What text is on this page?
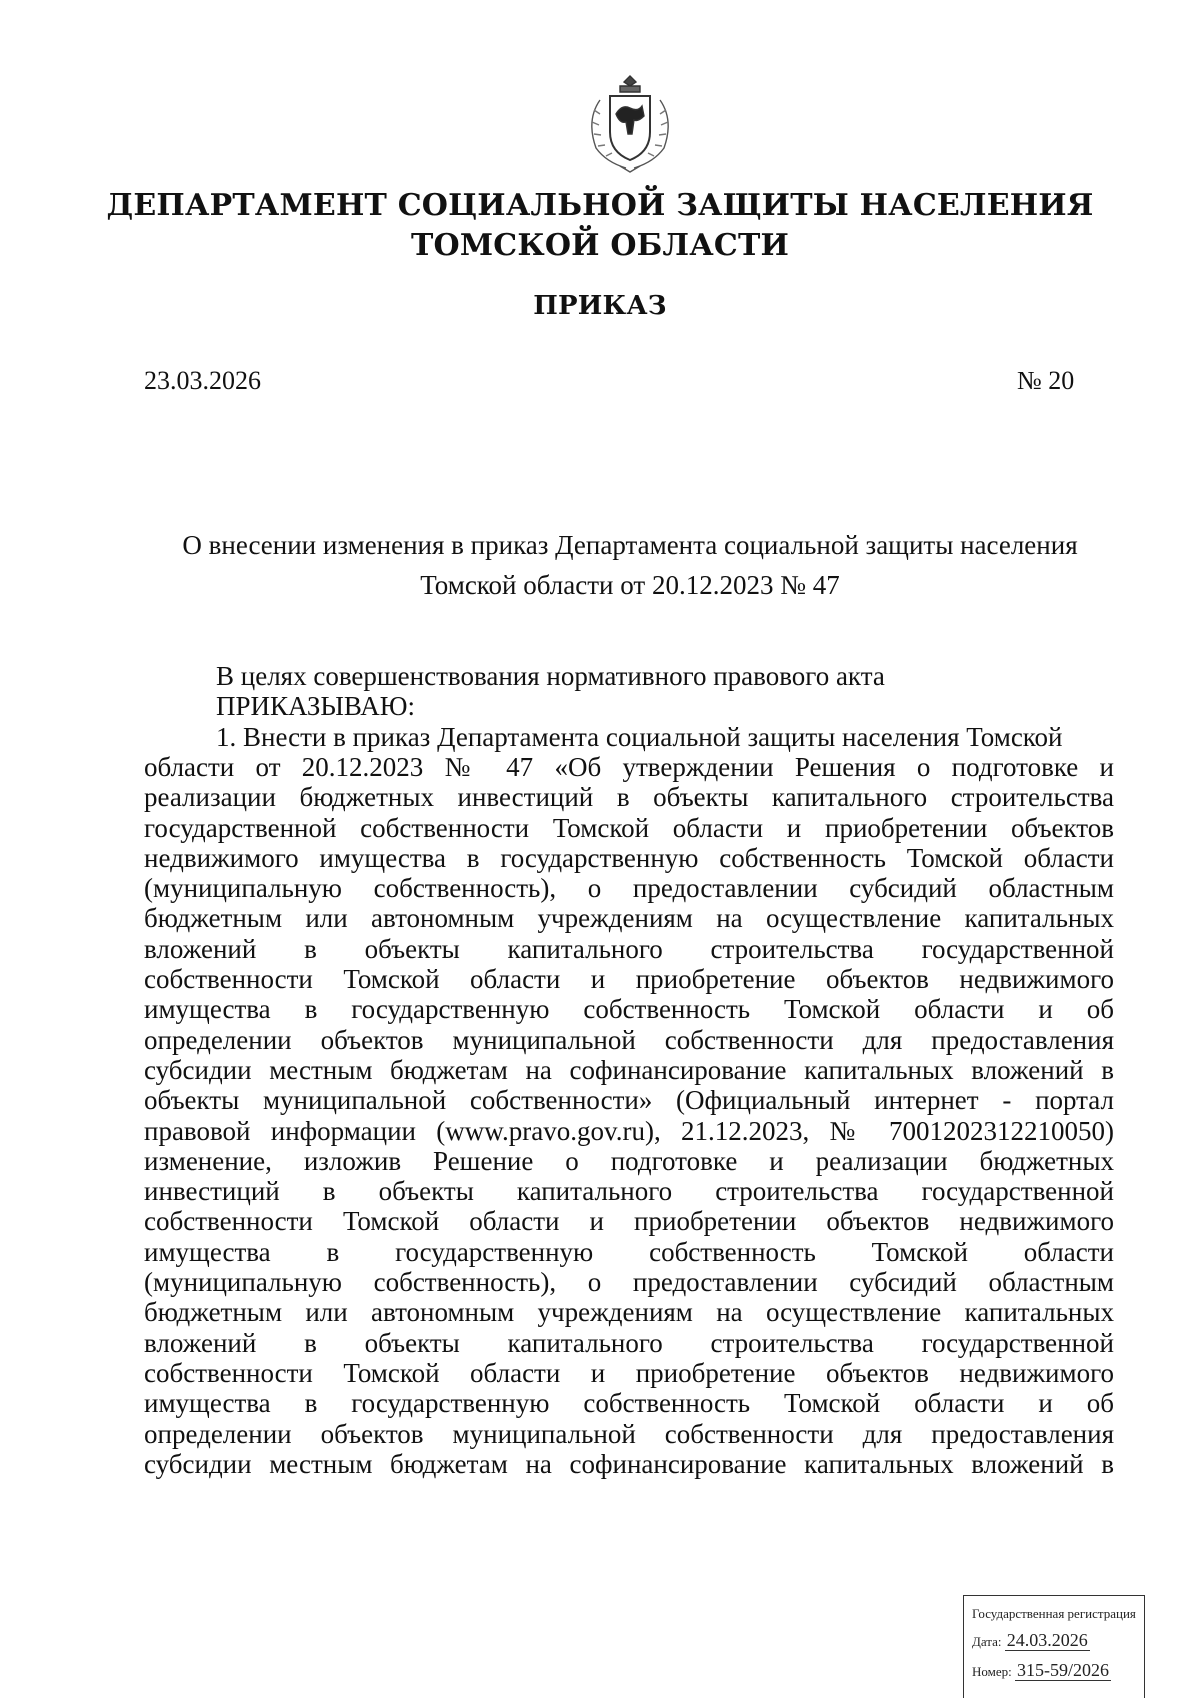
ДЕПАРТАМЕНТ СОЦИАЛЬНОЙ ЗАЩИТЫ НАСЕЛЕНИЯ
ТОМСКОЙ ОБЛАСТИ
ПРИКАЗ
23.03.2026	№ 20
О внесении изменения в приказ Департамента социальной защиты населения
Томской области от 20.12.2023 № 47
В целях совершенствования нормативного правового акта
ПРИКАЗЫВАЮ:
1. Внести в приказ Департамента социальной защиты населения Томской
области от 20.12.2023 № 47 «Об утверждении Решения о подготовке и
реализации бюджетных инвестиций в объекты капитального строительства
государственной собственности Томской области и приобретении объектов
недвижимого имущества в государственную собственность Томской области
(муниципальную собственность), о предоставлении субсидий областным
бюджетным или автономным учреждениям на осуществление капитальных
вложений в объекты капитального строительства государственной
собственности Томской области и приобретение объектов недвижимого
имущества в государственную собственность Томской области и об
определении объектов муниципальной собственности для предоставления
субсидии местным бюджетам на софинансирование капитальных вложений в
объекты муниципальной собственности» (Официальный интернет - портал
правовой информации (www.pravo.gov.ru), 21.12.2023, № 7001202312210050)
изменение, изложив Решение о подготовке и реализации бюджетных
инвестиций в объекты капитального строительства государственной
собственности Томской области и приобретении объектов недвижимого
имущества в государственную собственность Томской области
(муниципальную собственность), о предоставлении субсидий областным
бюджетным или автономным учреждениям на осуществление капитальных
вложений в объекты капитального строительства государственной
собственности Томской области и приобретение объектов недвижимого
имущества в государственную собственность Томской области и об
определении объектов муниципальной собственности для предоставления
субсидии местным бюджетам на софинансирование капитальных вложений в
Государственная регистрация
Дата: 24.03.2026
Номер: 315-59/2026
